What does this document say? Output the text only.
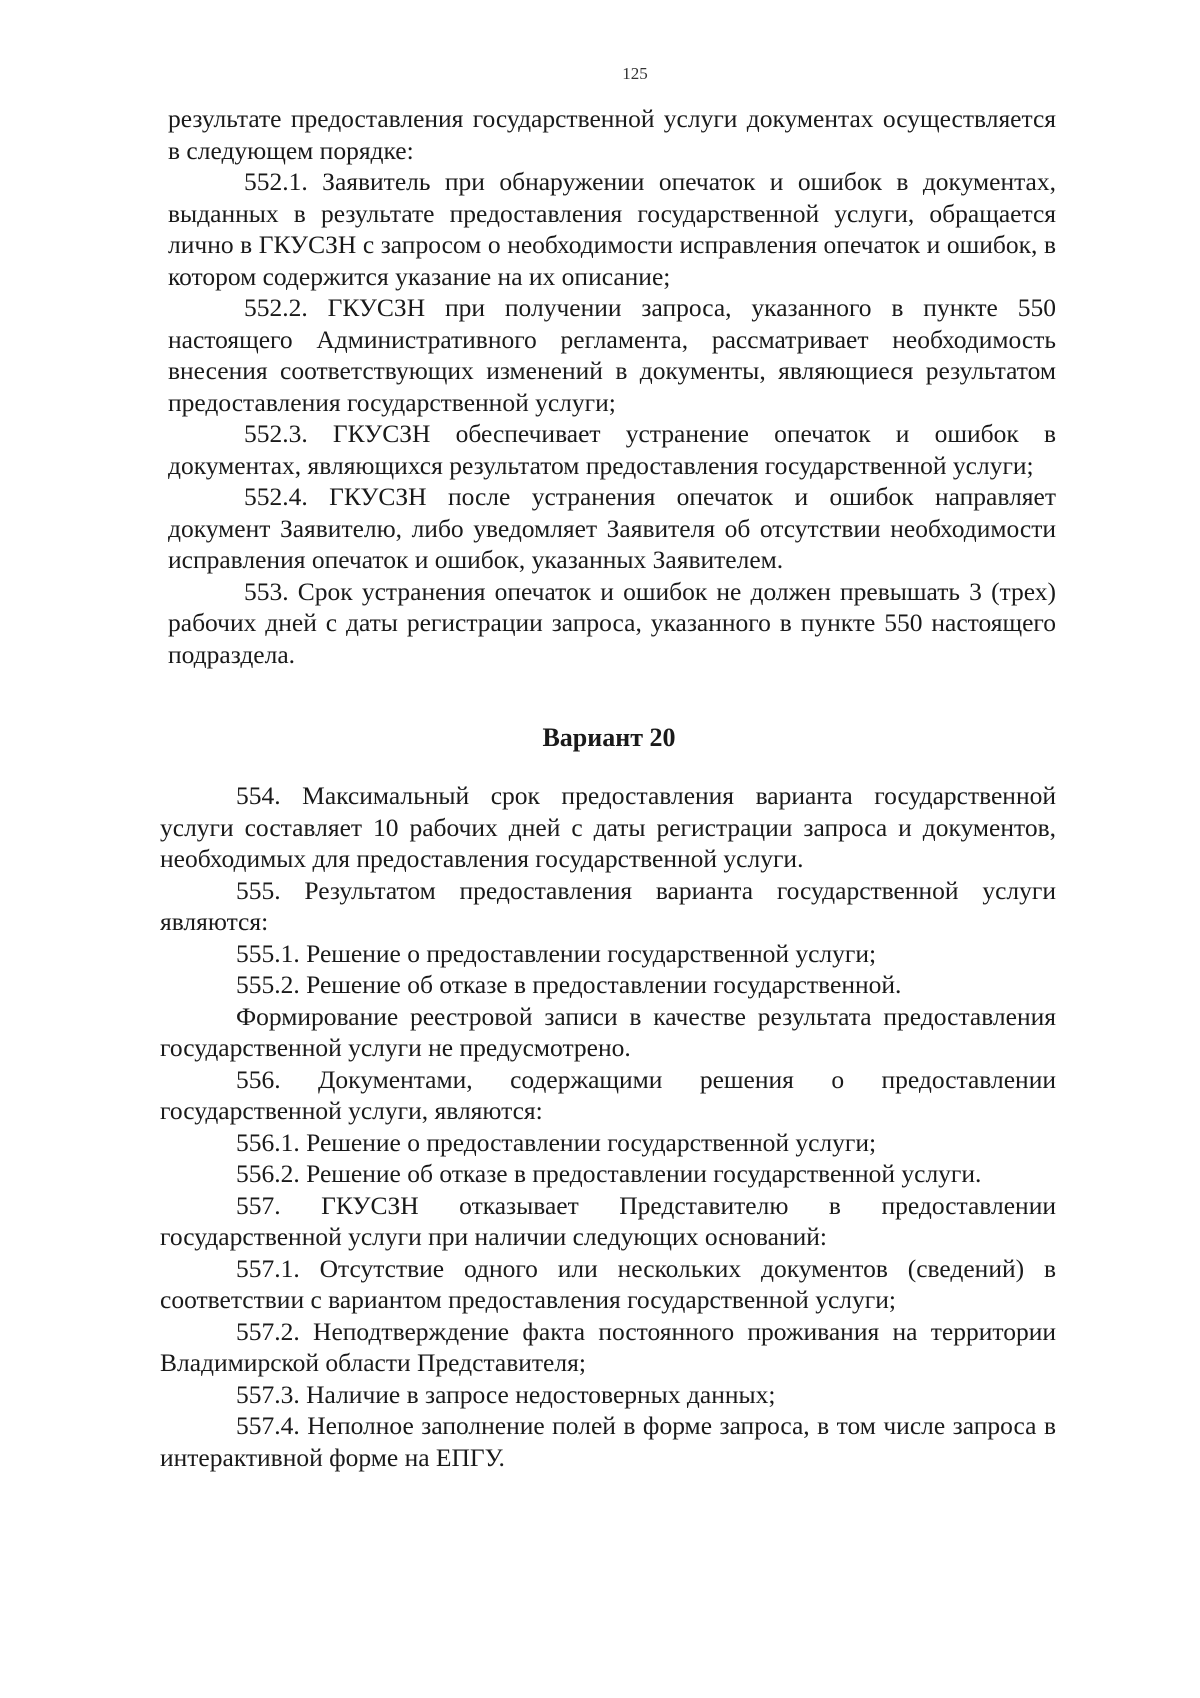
125

результате предоставления государственной услуги документах осуществляется в следующем порядке:

552.1. Заявитель при обнаружении опечаток и ошибок в документах, выданных в результате предоставления государственной услуги, обращается лично в ГКУСЗН с запросом о необходимости исправления опечаток и ошибок, в котором содержится указание на их описание;

552.2. ГКУСЗН при получении запроса, указанного в пункте 550 настоящего Административного регламента, рассматривает необходимость внесения соответствующих изменений в документы, являющиеся результатом предоставления государственной услуги;

552.3. ГКУСЗН обеспечивает устранение опечаток и ошибок в документах, являющихся результатом предоставления государственной услуги;

552.4. ГКУСЗН после устранения опечаток и ошибок направляет документ Заявителю, либо уведомляет Заявителя об отсутствии необходимости исправления опечаток и ошибок, указанных Заявителем.

553. Срок устранения опечаток и ошибок не должен превышать 3 (трех) рабочих дней с даты регистрации запроса, указанного в пункте 550 настоящего подраздела.

Вариант 20

554. Максимальный срок предоставления варианта государственной услуги составляет 10 рабочих дней с даты регистрации запроса и документов, необходимых для предоставления государственной услуги.

555. Результатом предоставления варианта государственной услуги являются:

555.1. Решение о предоставлении государственной услуги;

555.2. Решение об отказе в предоставлении государственной.

Формирование реестровой записи в качестве результата предоставления государственной услуги не предусмотрено.

556. Документами, содержащими решения о предоставлении государственной услуги, являются:

556.1. Решение о предоставлении государственной услуги;

556.2. Решение об отказе в предоставлении государственной услуги.

557. ГКУСЗН отказывает Представителю в предоставлении государственной услуги при наличии следующих оснований:

557.1. Отсутствие одного или нескольких документов (сведений) в соответствии с вариантом предоставления государственной услуги;

557.2. Неподтверждение факта постоянного проживания на территории Владимирской области Представителя;

557.3. Наличие в запросе недостоверных данных;

557.4. Неполное заполнение полей в форме запроса, в том числе запроса в интерактивной форме на ЕПГУ.
